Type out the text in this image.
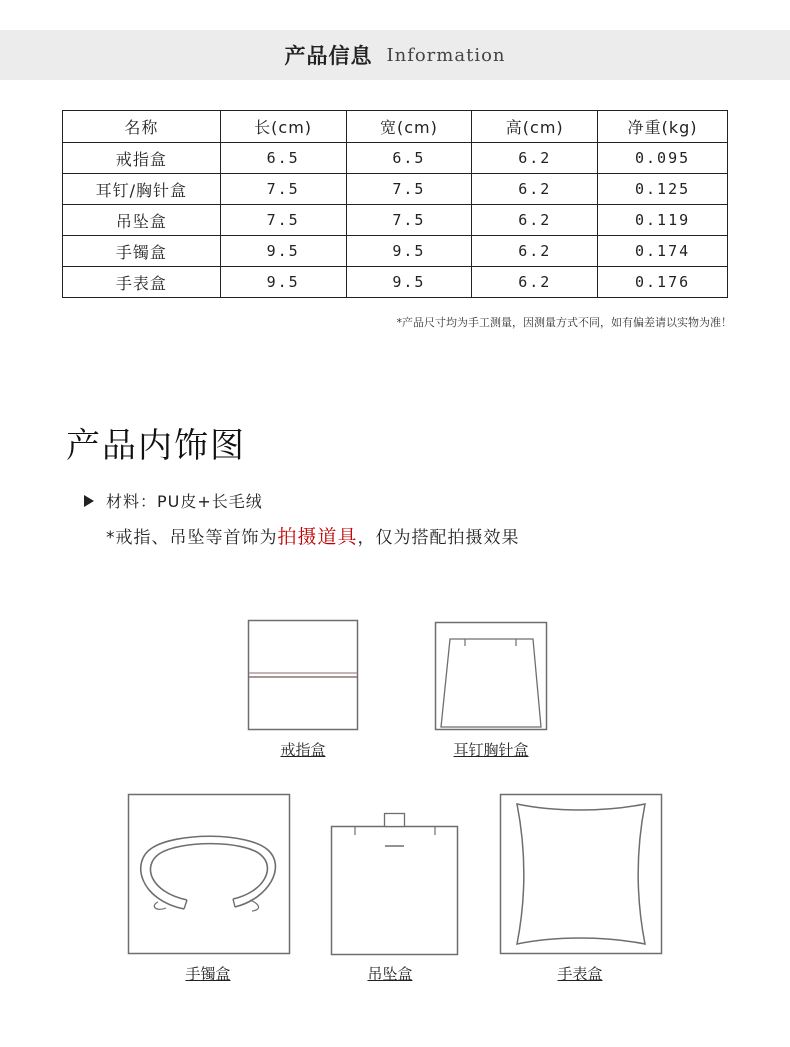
产品信息 Information
名称	长(cm)	宽(cm)	高(cm)	净重(kg)
戒指盒	6.5	6.5	6.2	0.095
耳钉/胸针盒	7.5	7.5	6.2	0.125
吊坠盒	7.5	7.5	6.2	0.119
手镯盒	9.5	9.5	6.2	0.174
手表盒	9.5	9.5	6.2	0.176
*产品尺寸均为手工测量，因测量方式不同，如有偏差请以实物为准！
产品内饰图
材料： PU皮+长毛绒
*戒指、吊坠等首饰为拍摄道具，仅为搭配拍摄效果
戒指盒	耳钉胸针盒
手镯盒	吊坠盒	手表盒
